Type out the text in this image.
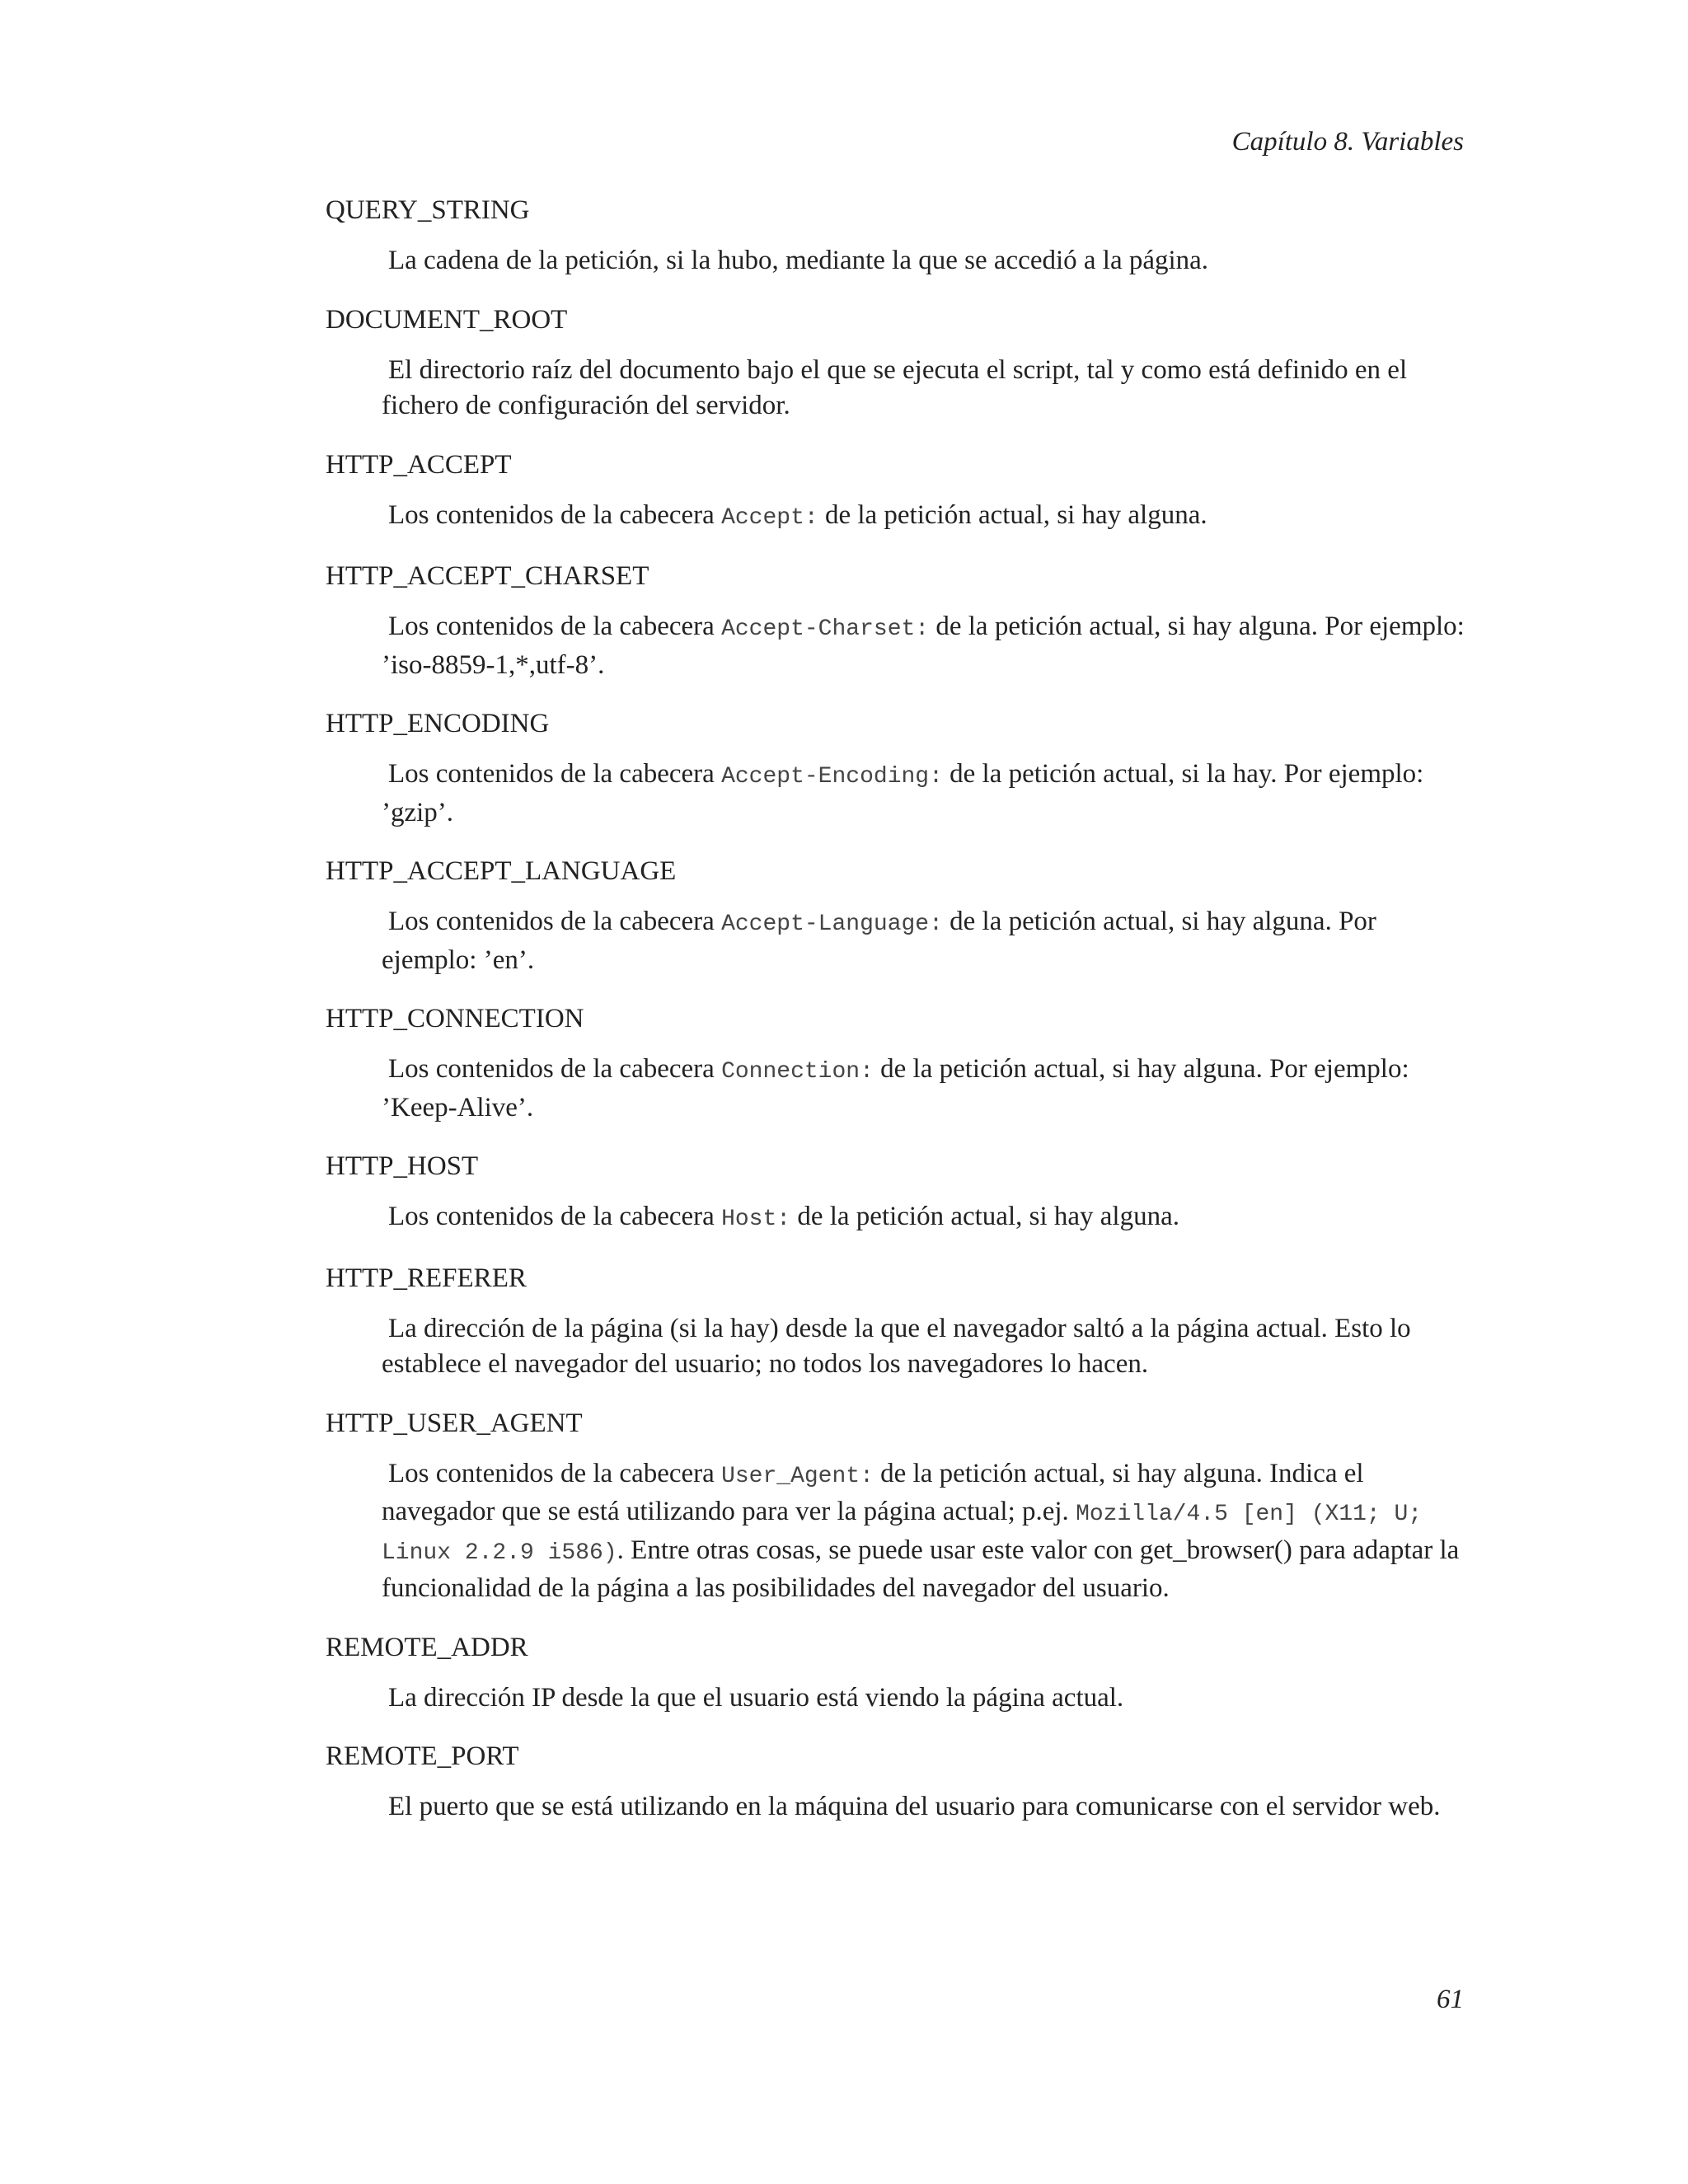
Capítulo 8. Variables
QUERY_STRING
La cadena de la petición, si la hubo, mediante la que se accedió a la página.
DOCUMENT_ROOT
El directorio raíz del documento bajo el que se ejecuta el script, tal y como está definido en el fichero de configuración del servidor.
HTTP_ACCEPT
Los contenidos de la cabecera Accept: de la petición actual, si hay alguna.
HTTP_ACCEPT_CHARSET
Los contenidos de la cabecera Accept-Charset: de la petición actual, si hay alguna. Por ejemplo: ’iso-8859-1,*,utf-8’.
HTTP_ENCODING
Los contenidos de la cabecera Accept-Encoding: de la petición actual, si la hay. Por ejemplo: ’gzip’.
HTTP_ACCEPT_LANGUAGE
Los contenidos de la cabecera Accept-Language: de la petición actual, si hay alguna. Por ejemplo: ’en’.
HTTP_CONNECTION
Los contenidos de la cabecera Connection: de la petición actual, si hay alguna. Por ejemplo: ’Keep-Alive’.
HTTP_HOST
Los contenidos de la cabecera Host: de la petición actual, si hay alguna.
HTTP_REFERER
La dirección de la página (si la hay) desde la que el navegador saltó a la página actual. Esto lo establece el navegador del usuario; no todos los navegadores lo hacen.
HTTP_USER_AGENT
Los contenidos de la cabecera User_Agent: de la petición actual, si hay alguna. Indica el navegador que se está utilizando para ver la página actual; p.ej. Mozilla/4.5 [en] (X11; U; Linux 2.2.9 i586). Entre otras cosas, se puede usar este valor con get_browser() para adaptar la funcionalidad de la página a las posibilidades del navegador del usuario.
REMOTE_ADDR
La dirección IP desde la que el usuario está viendo la página actual.
REMOTE_PORT
El puerto que se está utilizando en la máquina del usuario para comunicarse con el servidor web.
61
